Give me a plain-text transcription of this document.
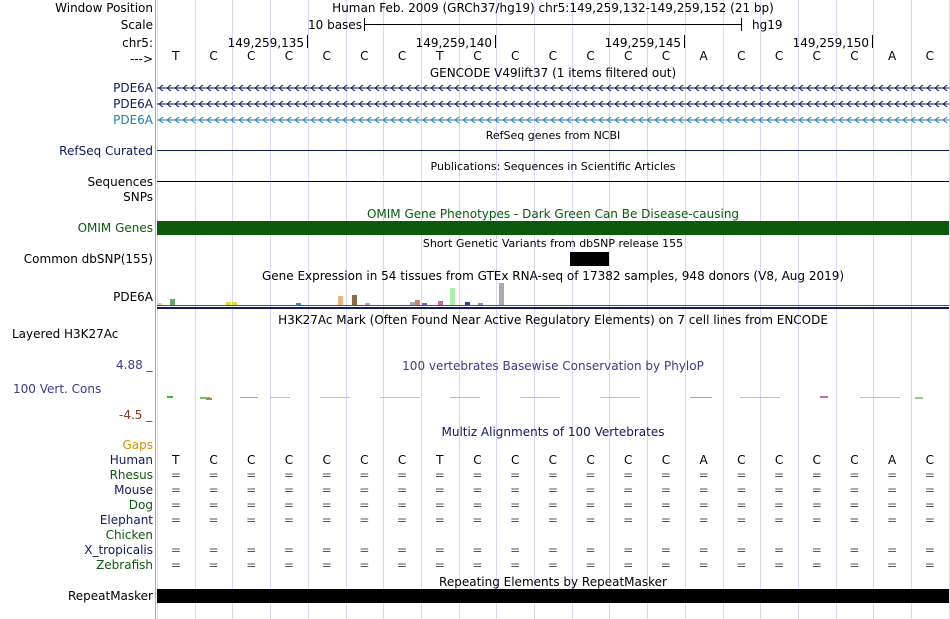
Window Position	Human Feb. 2009 (GRCh37/hg19) chr5:149,259,132-149,259,152 (21 bp)
Scale	10 bases	hg19
chr5:	149,259,135	149,259,140	149,259,145	149,259,150
--->	T	C	C	C	C	C	C	T	C	C	C	C	C	C	A	C	C	C	C	A	C
GENCODE V49lift37 (1 items filtered out)
PDE6A
PDE6A
PDE6A
RefSeq genes from NCBI
RefSeq Curated
Publications: Sequences in Scientific Articles
Sequences
SNPs
OMIM Gene Phenotypes - Dark Green Can Be Disease-causing
OMIM Genes
Short Genetic Variants from dbSNP release 155
Common dbSNP(155)
Gene Expression in 54 tissues from GTEx RNA-seq of 17382 samples, 948 donors (V8, Aug 2019)
PDE6A
H3K27Ac Mark (Often Found Near Active Regulatory Elements) on 7 cell lines from ENCODE
Layered H3K27Ac
4.88 _	100 vertebrates Basewise Conservation by PhyloP
100 Vert. Cons
-4.5 _
Multiz Alignments of 100 Vertebrates
Gaps
Human	T	C	C	C	C	C	C	T	C	C	C	C	C	C	A	C	C	C	C	A	C
Rhesus	=	=	=	=	=	=	=	=	=	=	=	=	=	=	=	=	=	=	=	=	=
Mouse	=	=	=	=	=	=	=	=	=	=	=	=	=	=	=	=	=	=	=	=	=
Dog	=	=	=	=	=	=	=	=	=	=	=	=	=	=	=	=	=	=	=	=	=
Elephant	=	=	=	=	=	=	=	=	=	=	=	=	=	=	=	=	=	=	=	=	=
Chicken
X_tropicalis	=	=	=	=	=	=	=	=	=	=	=	=	=	=	=	=	=	=	=	=	=
Zebrafish	=	=	=	=	=	=	=	=	=	=	=	=	=	=	=	=	=	=	=	=	=
Repeating Elements by RepeatMasker
RepeatMasker
